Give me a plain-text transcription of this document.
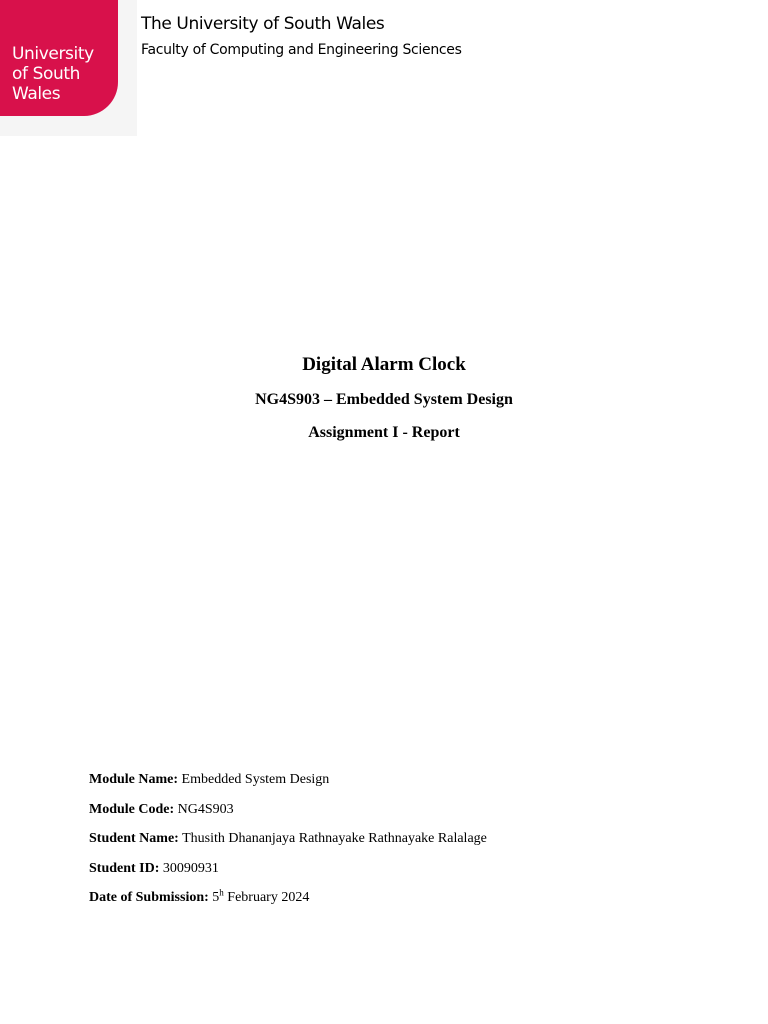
University
of South
Wales
The University of South Wales
Faculty of Computing and Engineering Sciences
Digital Alarm Clock
NG4S903 – Embedded System Design
Assignment I - Report
Module Name: Embedded System Design
Module Code: NG4S903
Student Name: Thusith Dhananjaya Rathnayake Rathnayake Ralalage
Student ID: 30090931
Date of Submission: 5$^h$ February 2024
